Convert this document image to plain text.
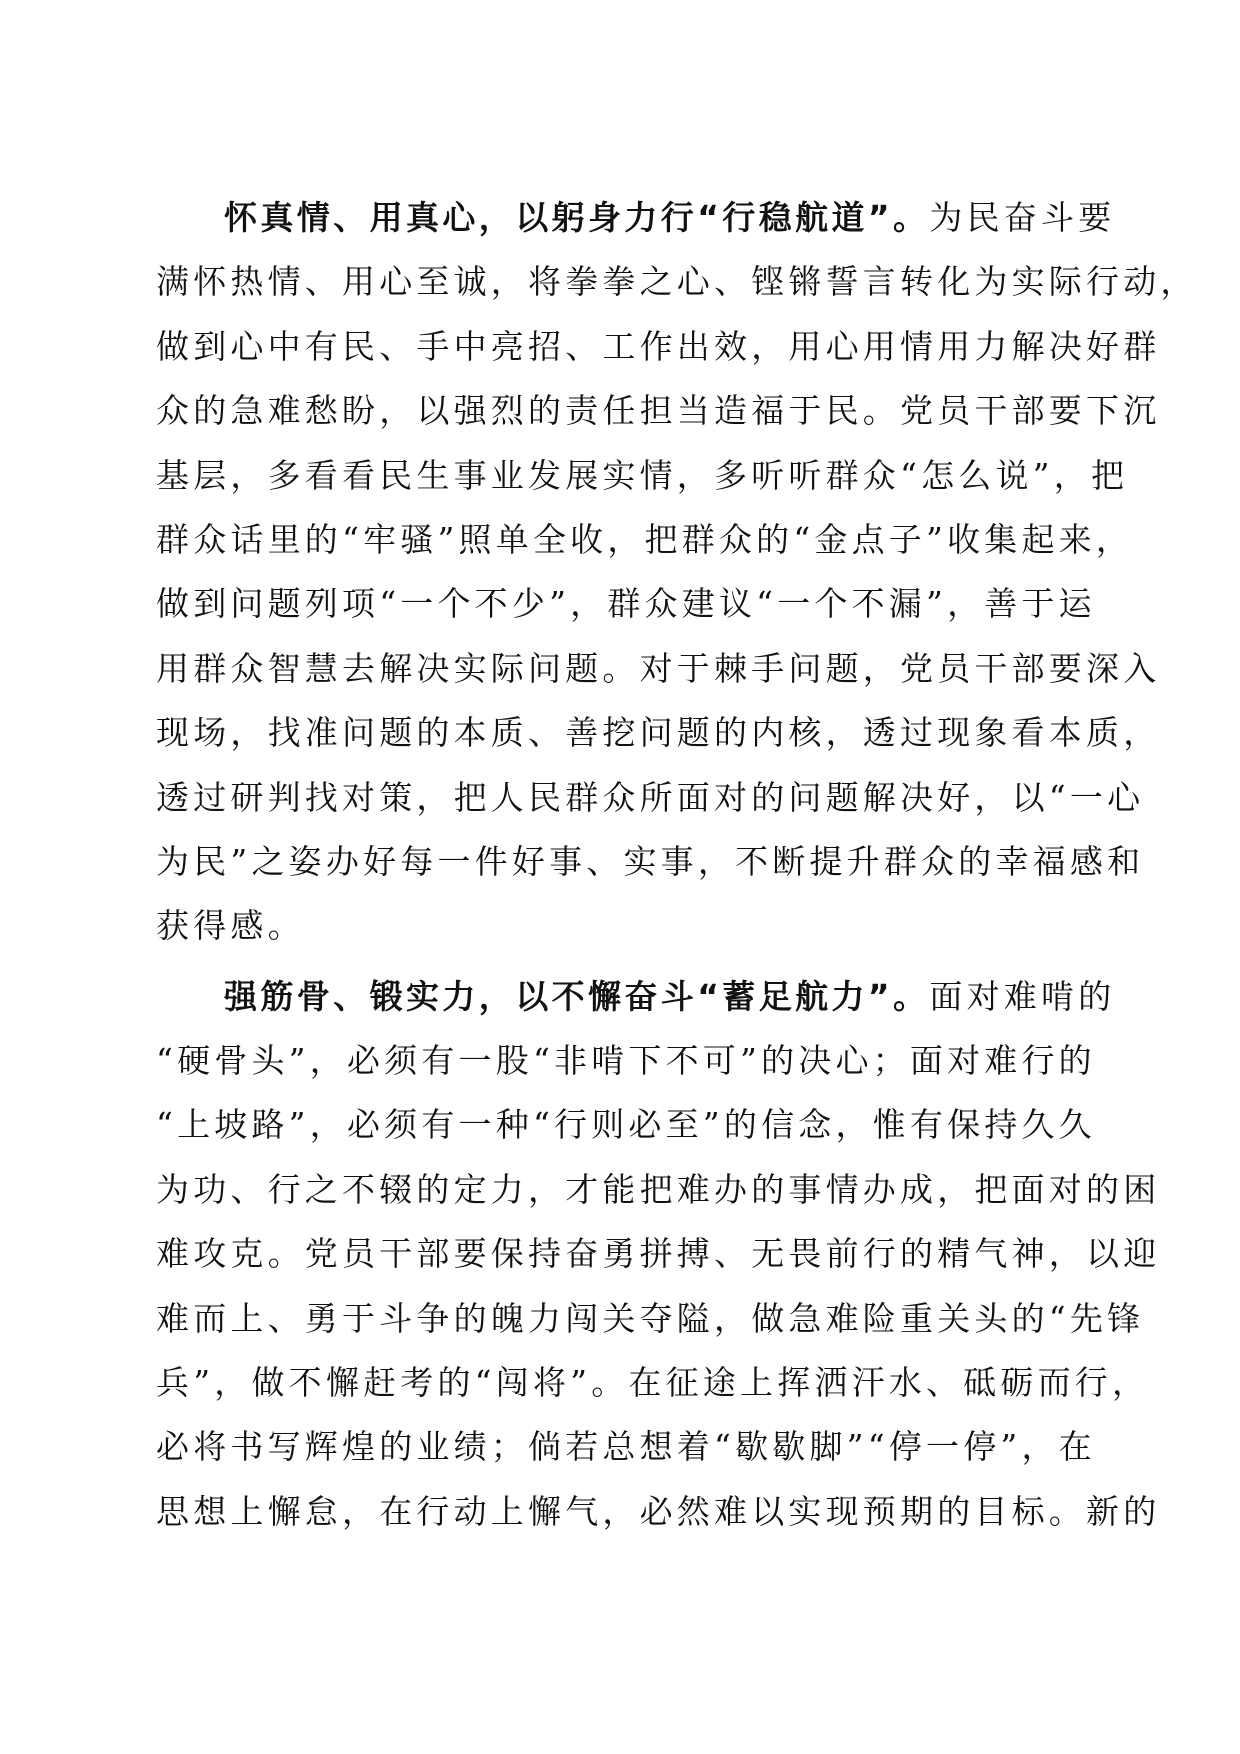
怀真情、用真心，以躬身力行“行稳航道”。为民奋斗要
满怀热情、用心至诚，将拳拳之心、铿锵誓言转化为实际行动，
做到心中有民、手中亮招、工作出效，用心用情用力解决好群
众的急难愁盼，以强烈的责任担当造福于民。党员干部要下沉
基层，多看看民生事业发展实情，多听听群众“怎么说”，把
群众话里的“牢骚”照单全收，把群众的“金点子”收集起来，
做到问题列项“一个不少”，群众建议“一个不漏”，善于运
用群众智慧去解决实际问题。对于棘手问题，党员干部要深入
现场，找准问题的本质、善挖问题的内核，透过现象看本质，
透过研判找对策，把人民群众所面对的问题解决好，以“一心
为民”之姿办好每一件好事、实事，不断提升群众的幸福感和
获得感。
强筋骨、锻实力，以不懈奋斗“蓄足航力”。面对难啃的
“硬骨头”，必须有一股“非啃下不可”的决心；面对难行的
“上坡路”，必须有一种“行则必至”的信念，惟有保持久久
为功、行之不辍的定力，才能把难办的事情办成，把面对的困
难攻克。党员干部要保持奋勇拼搏、无畏前行的精气神，以迎
难而上、勇于斗争的魄力闯关夺隘，做急难险重关头的“先锋
兵”，做不懈赶考的“闯将”。在征途上挥洒汗水、砥砺而行，
必将书写辉煌的业绩；倘若总想着“歇歇脚”“停一停”，在
思想上懈怠，在行动上懈气，必然难以实现预期的目标。新的
